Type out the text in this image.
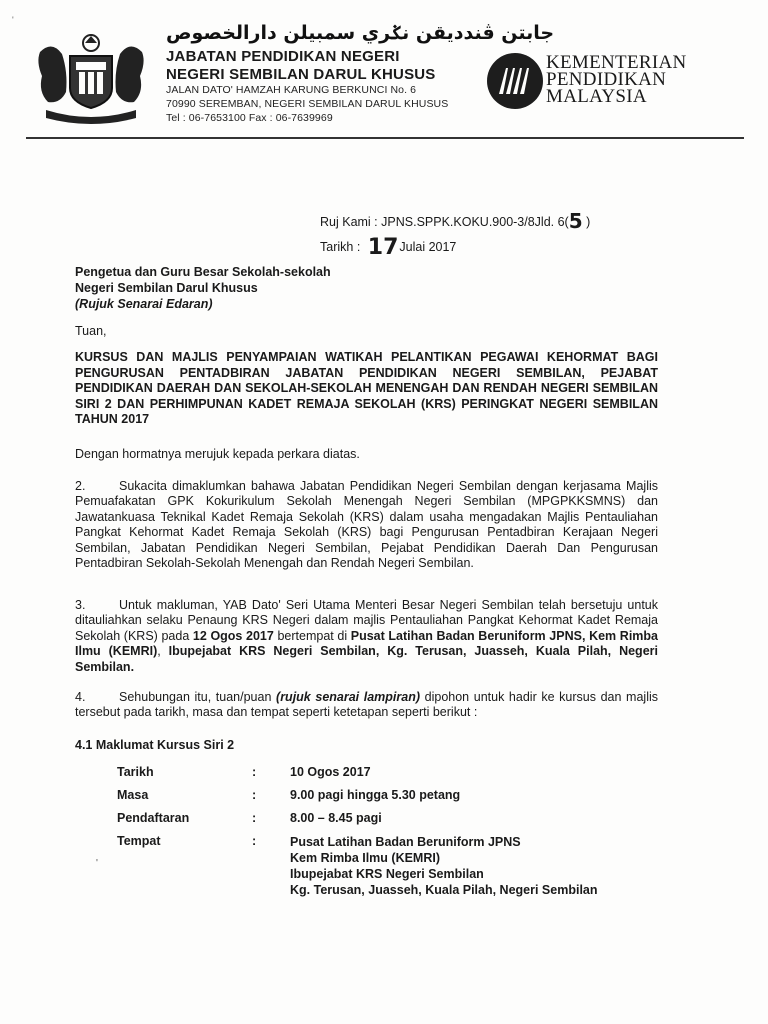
'
جابتن ڤندديقن نݢري سمبيلن دارالخصوص
JABATAN PENDIDIKAN NEGERI
NEGERI SEMBILAN DARUL KHUSUS
JALAN DATO' HAMZAH KARUNG BERKUNCI No. 6
70990 SEREMBAN, NEGERI SEMBILAN DARUL KHUSUS
Tel : 06-7653100 Fax : 06-7639969
KEMENTERIAN
PENDIDIKAN
MALAYSIA
Ruj Kami : JPNS.SPPK.KOKU.900-3/8Jld. 6(5 )
Tarikh : 17Julai 2017
Pengetua dan Guru Besar Sekolah-sekolah
Negeri Sembilan Darul Khusus
(Rujuk Senarai Edaran)
Tuan,
KURSUS DAN MAJLIS PENYAMPAIAN WATIKAH PELANTIKAN PEGAWAI KEHORMAT BAGI PENGURUSAN PENTADBIRAN JABATAN PENDIDIKAN NEGERI SEMBILAN, PEJABAT PENDIDIKAN DAERAH DAN SEKOLAH-SEKOLAH MENENGAH DAN RENDAH NEGERI SEMBILAN SIRI 2 DAN PERHIMPUNAN KADET REMAJA SEKOLAH (KRS) PERINGKAT NEGERI SEMBILAN TAHUN 2017
Dengan hormatnya merujuk kepada perkara diatas.
2.	Sukacita dimaklumkan bahawa Jabatan Pendidikan Negeri Sembilan dengan kerjasama Majlis Pemuafakatan GPK Kokurikulum Sekolah Menengah Negeri Sembilan (MPGPKKSMNS) dan Jawatankuasa Teknikal Kadet Remaja Sekolah (KRS) dalam usaha mengadakan Majlis Pentauliahan Pangkat Kehormat Kadet Remaja Sekolah (KRS) bagi Pengurusan Pentadbiran Kerajaan Negeri Sembilan, Jabatan Pendidikan Negeri Sembilan, Pejabat Pendidikan Daerah Dan Pengurusan Pentadbiran Sekolah-Sekolah Menengah dan Rendah Negeri Sembilan.
3.	Untuk makluman, YAB Dato' Seri Utama Menteri Besar Negeri Sembilan telah bersetuju untuk ditauliahkan selaku Penaung KRS Negeri dalam majlis Pentauliahan Pangkat Kehormat Kadet Remaja Sekolah (KRS) pada 12 Ogos 2017 bertempat di Pusat Latihan Badan Beruniform JPNS, Kem Rimba Ilmu (KEMRI), Ibupejabat KRS Negeri Sembilan, Kg. Terusan, Juasseh, Kuala Pilah, Negeri Sembilan.
4.	Sehubungan itu, tuan/puan (rujuk senarai lampiran) dipohon untuk hadir ke kursus dan majlis tersebut pada tarikh, masa dan tempat seperti ketetapan seperti berikut :
4.1 Maklumat Kursus Siri 2
Tarikh	:	10 Ogos 2017
Masa	:	9.00 pagi hingga 5.30 petang
Pendaftaran	:	8.00 – 8.45 pagi
Tempat	:	Pusat Latihan Badan Beruniform JPNS
Kem Rimba Ilmu (KEMRI)
Ibupejabat KRS Negeri Sembilan
Kg. Terusan, Juasseh, Kuala Pilah, Negeri Sembilan
'
